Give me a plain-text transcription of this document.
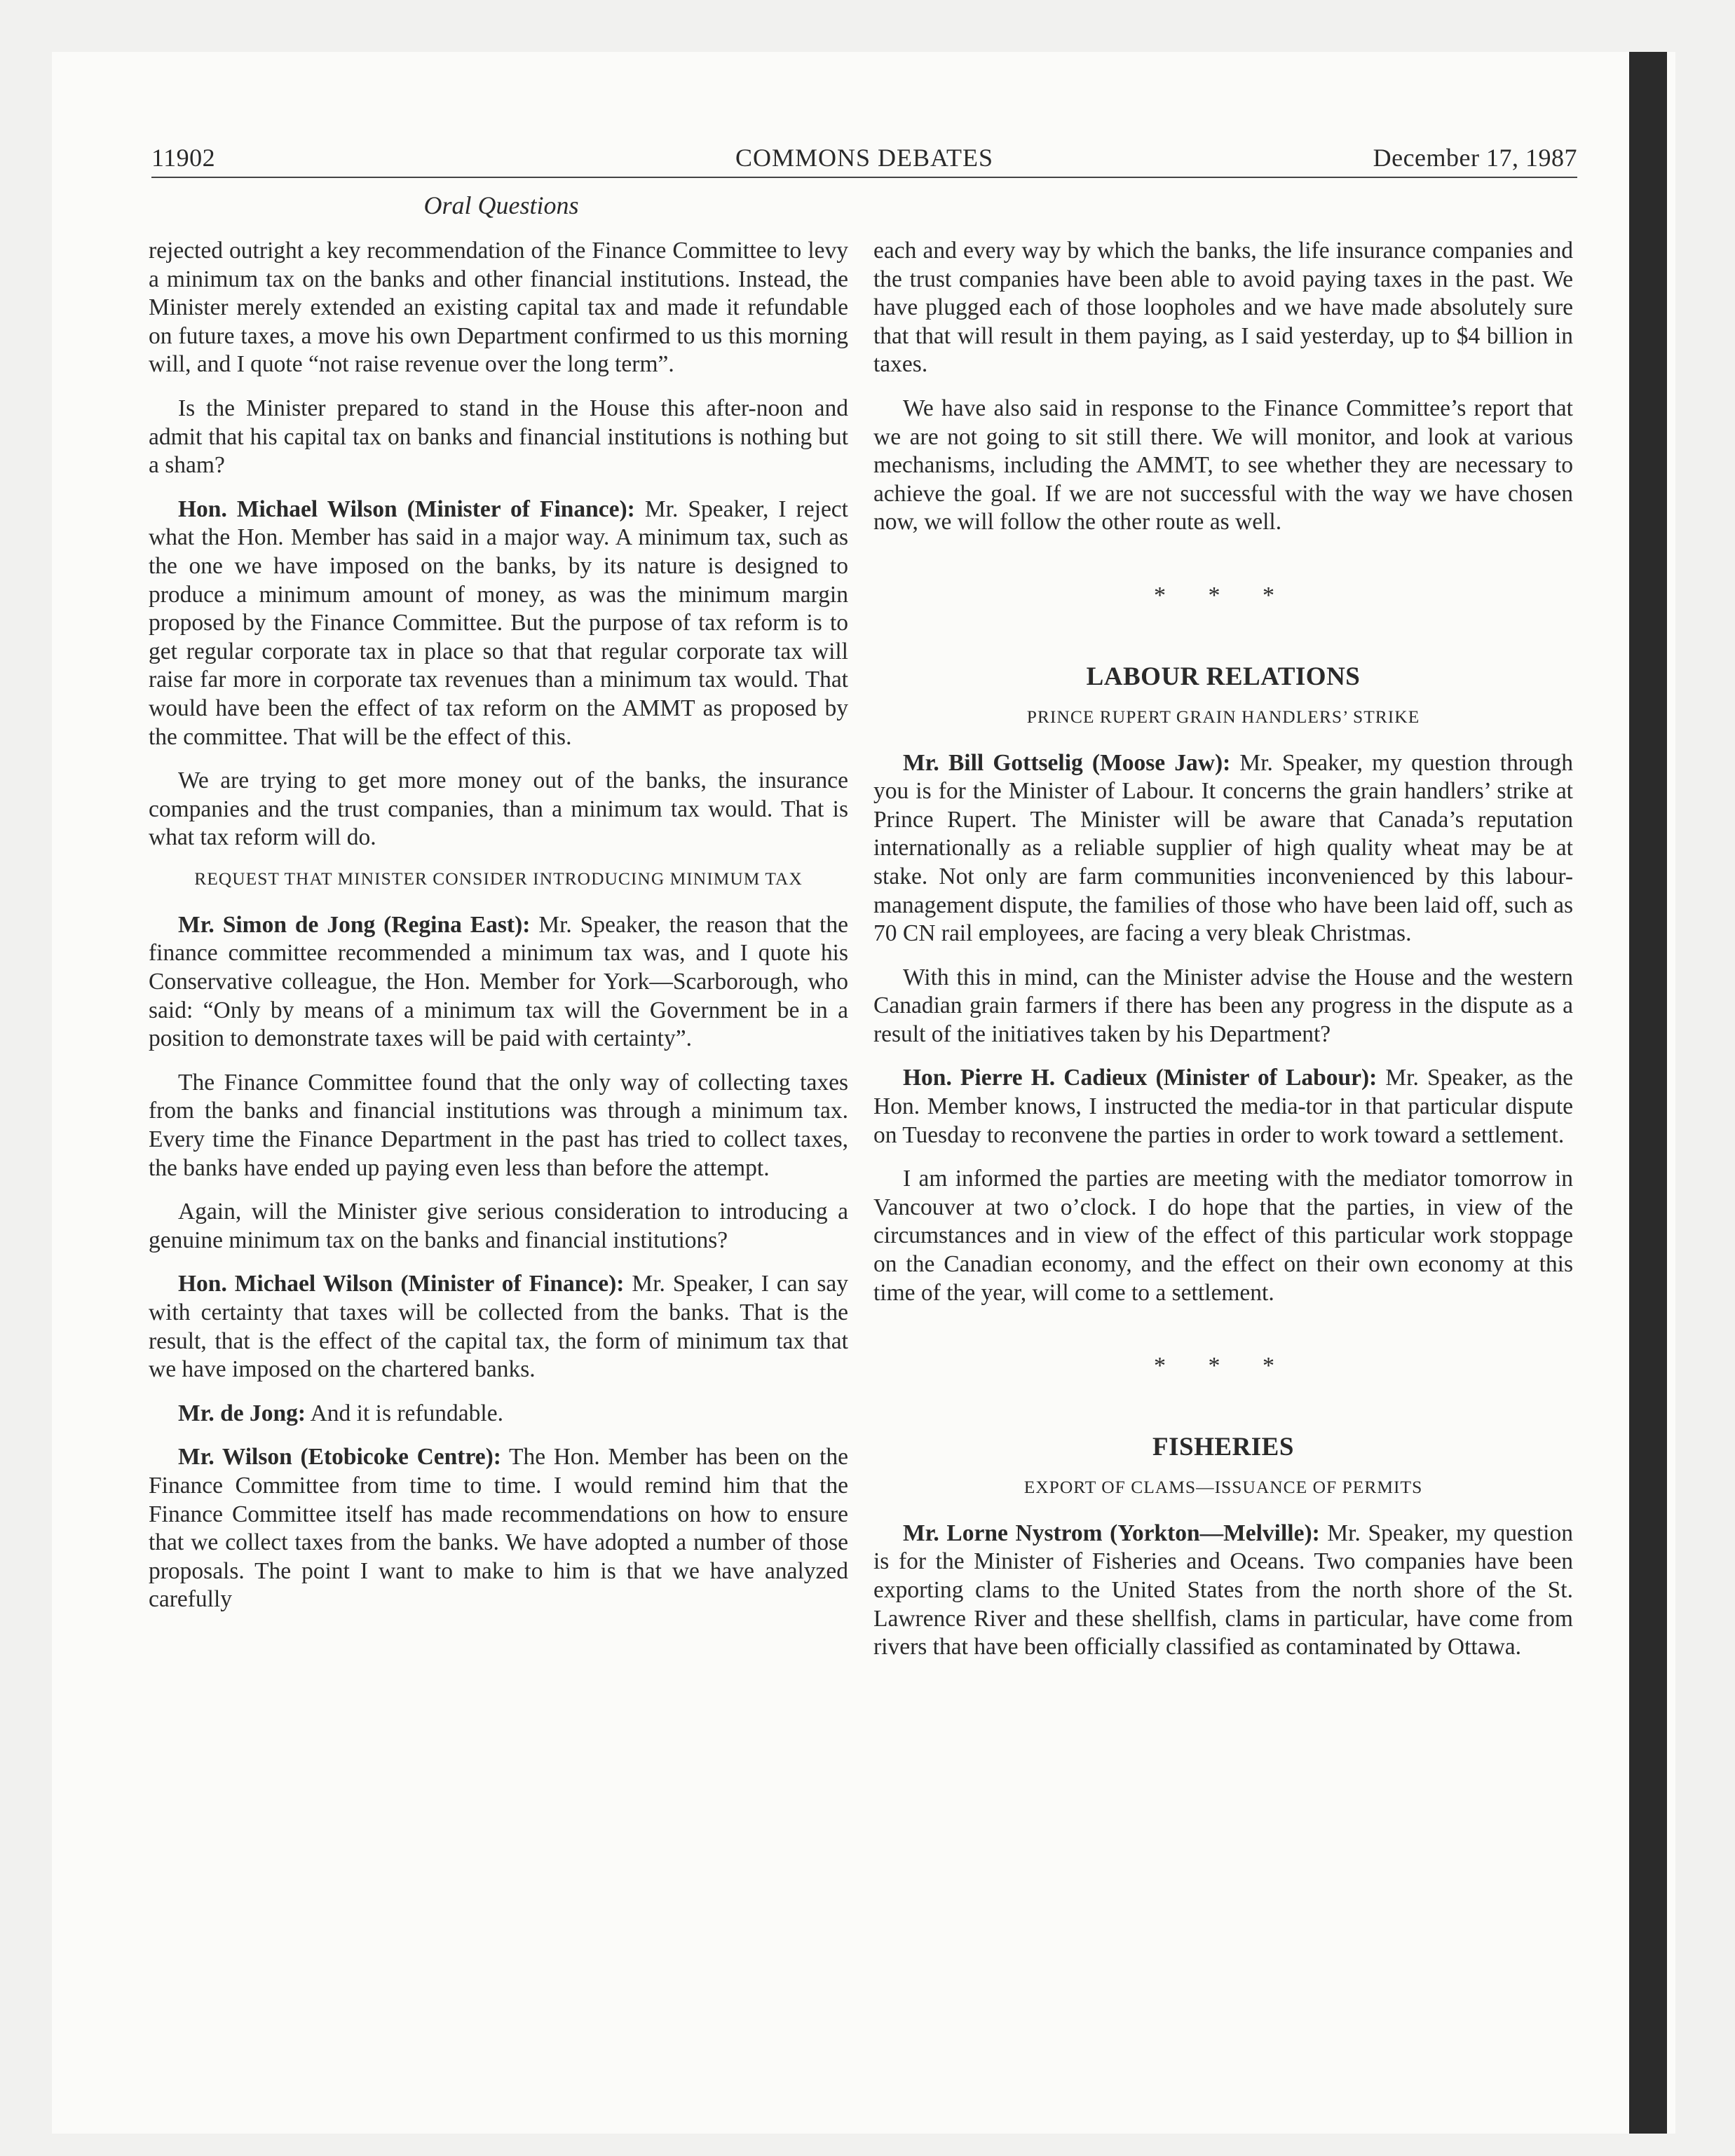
11902	COMMONS DEBATES	December 17, 1987
Oral Questions

rejected outright a key recommendation of the Finance Committee to levy a minimum tax on the banks and other financial institutions. Instead, the Minister merely extended an existing capital tax and made it refundable on future taxes, a move his own Department confirmed to us this morning will, and I quote “not raise revenue over the long term”.

Is the Minister prepared to stand in the House this after-noon and admit that his capital tax on banks and financial institutions is nothing but a sham?

Hon. Michael Wilson (Minister of Finance): Mr. Speaker, I reject what the Hon. Member has said in a major way. A minimum tax, such as the one we have imposed on the banks, by its nature is designed to produce a minimum amount of money, as was the minimum margin proposed by the Finance Committee. But the purpose of tax reform is to get regular corporate tax in place so that that regular corporate tax will raise far more in corporate tax revenues than a minimum tax would. That would have been the effect of tax reform on the AMMT as proposed by the committee. That will be the effect of this.

We are trying to get more money out of the banks, the insurance companies and the trust companies, than a minimum tax would. That is what tax reform will do.

REQUEST THAT MINISTER CONSIDER INTRODUCING MINIMUM TAX

Mr. Simon de Jong (Regina East): Mr. Speaker, the reason that the finance committee recommended a minimum tax was, and I quote his Conservative colleague, the Hon. Member for York—Scarborough, who said: “Only by means of a minimum tax will the Government be in a position to demonstrate taxes will be paid with certainty”.

The Finance Committee found that the only way of collecting taxes from the banks and financial institutions was through a minimum tax. Every time the Finance Department in the past has tried to collect taxes, the banks have ended up paying even less than before the attempt.

Again, will the Minister give serious consideration to introducing a genuine minimum tax on the banks and financial institutions?

Hon. Michael Wilson (Minister of Finance): Mr. Speaker, I can say with certainty that taxes will be collected from the banks. That is the result, that is the effect of the capital tax, the form of minimum tax that we have imposed on the chartered banks.

Mr. de Jong: And it is refundable.

Mr. Wilson (Etobicoke Centre): The Hon. Member has been on the Finance Committee from time to time. I would remind him that the Finance Committee itself has made recommendations on how to ensure that we collect taxes from the banks. We have adopted a number of those proposals. The point I want to make to him is that we have analyzed carefully

each and every way by which the banks, the life insurance companies and the trust companies have been able to avoid paying taxes in the past. We have plugged each of those loopholes and we have made absolutely sure that that will result in them paying, as I said yesterday, up to $4 billion in taxes.

We have also said in response to the Finance Committee’s report that we are not going to sit still there. We will monitor, and look at various mechanisms, including the AMMT, to see whether they are necessary to achieve the goal. If we are not successful with the way we have chosen now, we will follow the other route as well.

* * *
LABOUR RELATIONS
PRINCE RUPERT GRAIN HANDLERS’ STRIKE

Mr. Bill Gottselig (Moose Jaw): Mr. Speaker, my question through you is for the Minister of Labour. It concerns the grain handlers’ strike at Prince Rupert. The Minister will be aware that Canada’s reputation internationally as a reliable supplier of high quality wheat may be at stake. Not only are farm communities inconvenienced by this labour-management dispute, the families of those who have been laid off, such as 70 CN rail employees, are facing a very bleak Christmas.

With this in mind, can the Minister advise the House and the western Canadian grain farmers if there has been any progress in the dispute as a result of the initiatives taken by his Department?

Hon. Pierre H. Cadieux (Minister of Labour): Mr. Speaker, as the Hon. Member knows, I instructed the media-tor in that particular dispute on Tuesday to reconvene the parties in order to work toward a settlement.

I am informed the parties are meeting with the mediator tomorrow in Vancouver at two o’clock. I do hope that the parties, in view of the circumstances and in view of the effect of this particular work stoppage on the Canadian economy, and the effect on their own economy at this time of the year, will come to a settlement.

* * *
FISHERIES
EXPORT OF CLAMS—ISSUANCE OF PERMITS

Mr. Lorne Nystrom (Yorkton—Melville): Mr. Speaker, my question is for the Minister of Fisheries and Oceans. Two companies have been exporting clams to the United States from the north shore of the St. Lawrence River and these shellfish, clams in particular, have come from rivers that have been officially classified as contaminated by Ottawa.
